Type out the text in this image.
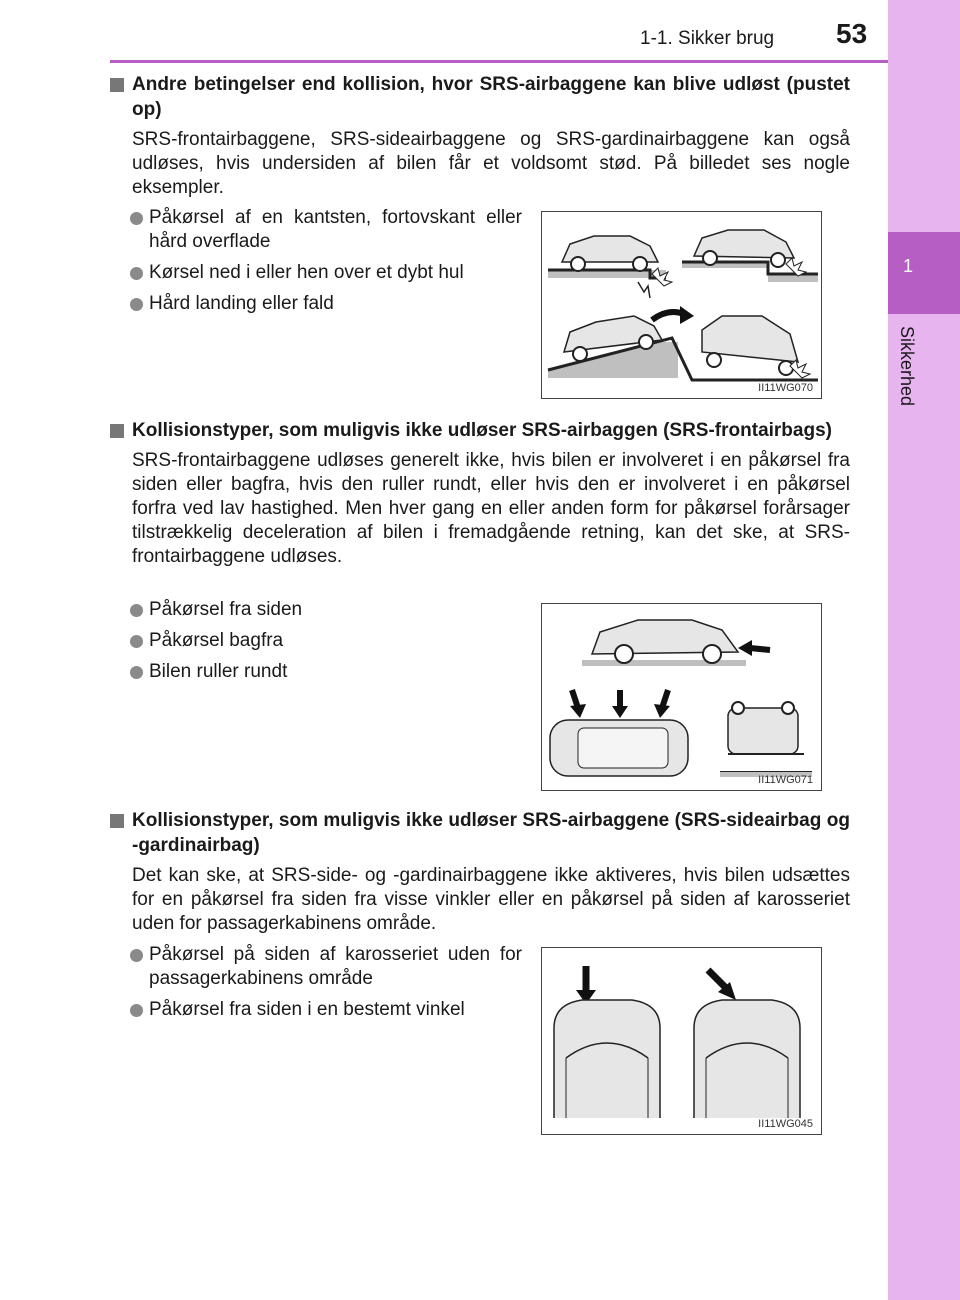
1-1. Sikker brug 53
1
Sikkerhed
Andre betingelser end kollision, hvor SRS-airbaggene kan blive udløst (pustet op)
SRS-frontairbaggene, SRS-sideairbaggene og SRS-gardinairbaggene kan også udløses, hvis undersiden af bilen får et voldsomt stød. På billedet ses nogle eksempler.
Påkørsel af en kantsten, fortovskant eller hård overflade
Kørsel ned i eller hen over et dybt hul
Hård landing eller fald
II11WG070
Kollisionstyper, som muligvis ikke udløser SRS-airbaggen (SRS-frontairbags)
SRS-frontairbaggene udløses generelt ikke, hvis bilen er involveret i en påkørsel fra siden eller bagfra, hvis den ruller rundt, eller hvis den er involveret i en påkørsel forfra ved lav hastighed. Men hver gang en eller anden form for påkørsel forårsager tilstrækkelig deceleration af bilen i fremadgående retning, kan det ske, at SRS-frontairbaggene udløses.
Påkørsel fra siden
Påkørsel bagfra
Bilen ruller rundt
II11WG071
Kollisionstyper, som muligvis ikke udløser SRS-airbaggene (SRS-sideairbag og -gardinairbag)
Det kan ske, at SRS-side- og -gardinairbaggene ikke aktiveres, hvis bilen udsættes for en påkørsel fra siden fra visse vinkler eller en påkørsel på siden af karosseriet uden for passagerkabinens område.
Påkørsel på siden af karosseriet uden for passagerkabinens område
Påkørsel fra siden i en bestemt vinkel
II11WG045
